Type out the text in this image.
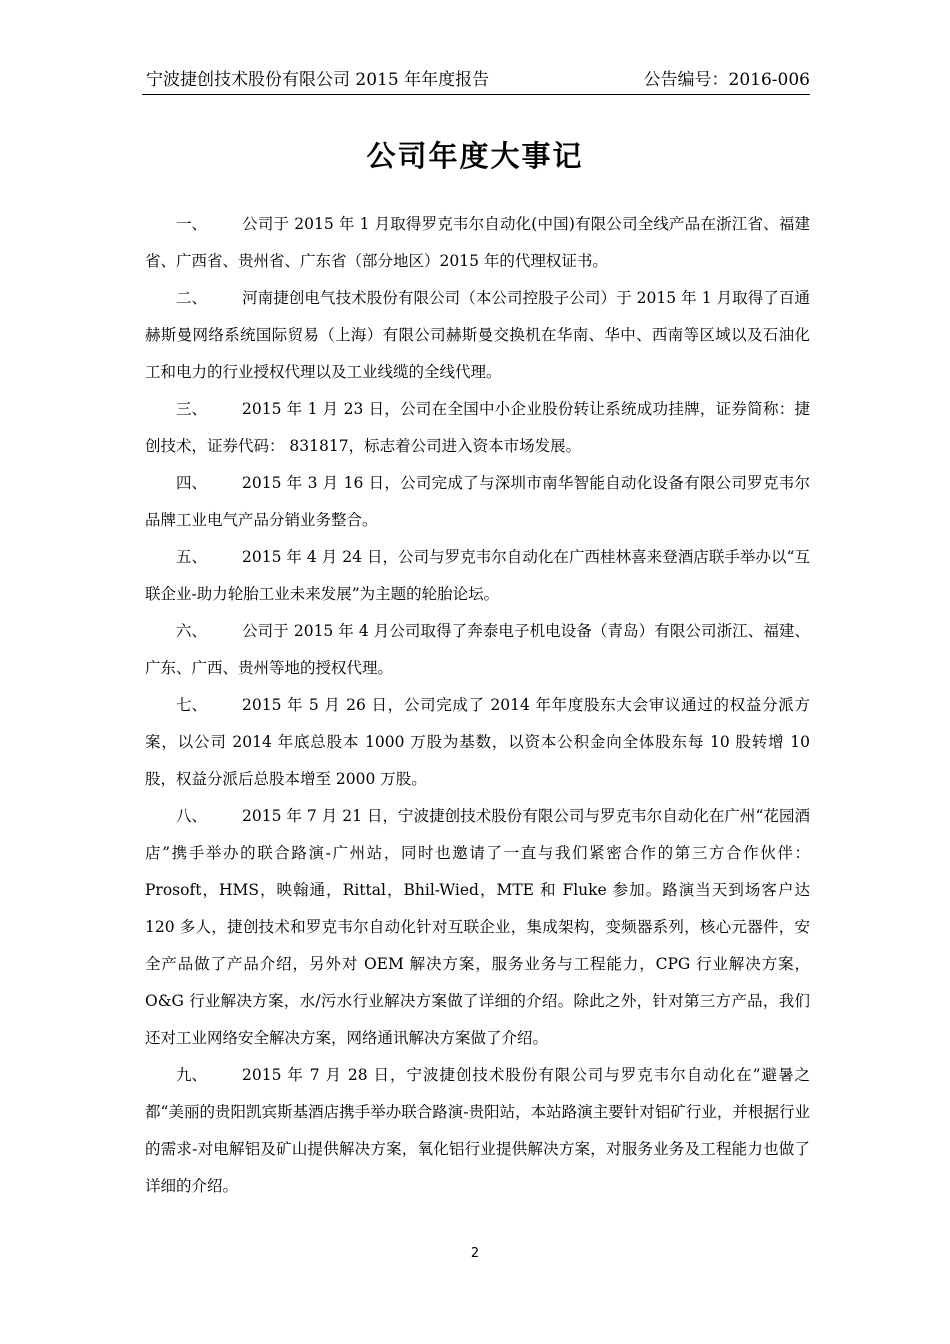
宁波捷创技术股份有限公司 2015 年年度报告	公告编号：2016-006
公司年度大事记

一、 公司于 2015 年 1 月取得罗克韦尔自动化(中国)有限公司全线产品在浙江省、福建省、广西省、贵州省、广东省（部分地区）2015 年的代理权证书。

二、 河南捷创电气技术股份有限公司（本公司控股子公司）于 2015 年 1 月取得了百通赫斯曼网络系统国际贸易（上海）有限公司赫斯曼交换机在华南、华中、西南等区域以及石油化工和电力的行业授权代理以及工业线缆的全线代理。

三、 2015 年 1 月 23 日，公司在全国中小企业股份转让系统成功挂牌，证券简称：捷创技术，证券代码： 831817，标志着公司进入资本市场发展。

四、 2015 年 3 月 16 日，公司完成了与深圳市南华智能自动化设备有限公司罗克韦尔品牌工业电气产品分销业务整合。

五、 2015 年 4 月 24 日，公司与罗克韦尔自动化在广西桂林喜来登酒店联手举办以“互联企业-助力轮胎工业未来发展”为主题的轮胎论坛。

六、 公司于 2015 年 4 月公司取得了奔泰电子机电设备（青岛）有限公司浙江、福建、广东、广西、贵州等地的授权代理。

七、 2015 年 5 月 26 日，公司完成了 2014 年年度股东大会审议通过的权益分派方案，以公司 2014 年底总股本 1000 万股为基数，以资本公积金向全体股东每 10 股转增 10 股，权益分派后总股本增至 2000 万股。

八、 2015 年 7 月 21 日，宁波捷创技术股份有限公司与罗克韦尔自动化在广州“花园酒店”携手举办的联合路演-广州站，同时也邀请了一直与我们紧密合作的第三方合作伙伴：Prosoft，HMS，映翰通，Rittal，Bhil-Wied，MTE 和 Fluke 参加。路演当天到场客户达 120 多人，捷创技术和罗克韦尔自动化针对互联企业，集成架构，变频器系列，核心元器件，安全产品做了产品介绍，另外对 OEM 解决方案，服务业务与工程能力，CPG 行业解决方案，O&G 行业解决方案，水/污水行业解决方案做了详细的介绍。除此之外，针对第三方产品，我们还对工业网络安全解决方案，网络通讯解决方案做了介绍。

九、 2015 年 7 月 28 日，宁波捷创技术股份有限公司与罗克韦尔自动化在”避暑之都“美丽的贵阳凯宾斯基酒店携手举办联合路演-贵阳站，本站路演主要针对铝矿行业，并根据行业的需求-对电解铝及矿山提供解决方案，氧化铝行业提供解决方案，对服务业务及工程能力也做了详细的介绍。

2
